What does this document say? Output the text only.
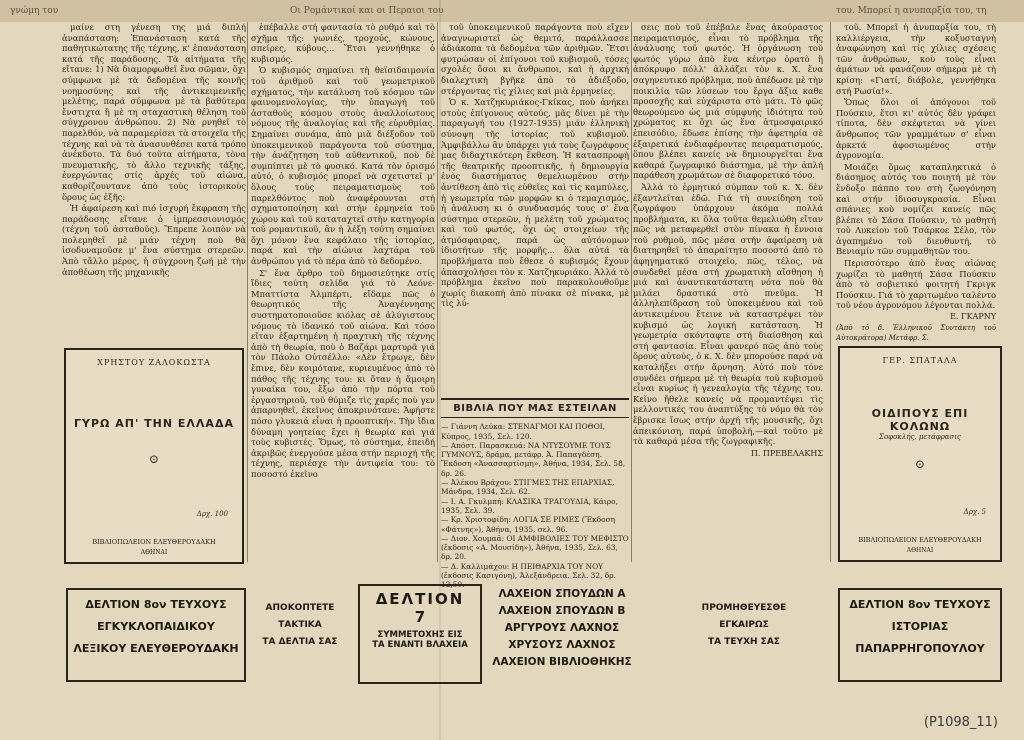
γνώμη του	Οι Ρομάντικοί και οι Περαιοι του	του. Μπορεί η ανυπαρξία του, τη

μαίνε στη γένεση της μιά διπλή ἀναπάσταση: Ἐπανάσταση κατά τῆς παθητικώτατης τῆς τέχνης, κ' ἐπανάσταση κατά τῆς παράδοσης. Τὰ αἰτήματα τῆς εἴτανε: 1) Νὰ διαμορφωθεῖ ἕνα σῶμαν, ὅχι σύμφωνα μὲ τὰ δεδομένα τῆς κοινῆς νοημοσύνης καὶ τῆς ἀντικειμενικῆς μελέτης, παρά σύμφωνα μὲ τὰ βαθύτερα ἔνστιχτα ἢ μὲ τη σταχαστικὴ θέληση τοῦ σύγχρονου ἀνθρώπου. 2) Νὰ ρνηθεῖ τὸ παρελθόν, νὰ παραμερίσει τὰ στοιχεῖα τῆς τέχνης καὶ νὰ τὰ ἀνασυνθέσει κατά τρόπο ἀνέκδοτο. Τὰ δυό τοῦτα αἰτήματα, τὸνα πνευματικῆς, τὸ ἄλλο τεχνικῆς τάξης, ἐνεργώντας στίς ἀρχές τοῦ αἰώνα, καθορίζουντανε ἀπὸ τοὺς ἱστορικοὺς ὅρους ὡς ἐξῆς:

Ἡ ἀφαίρεση καὶ πιό ἰσχυρή ἔκφραση τῆς παράδοσης εἴτανε ὁ ἰμπρεσσιονισμός (τέχνη τοῦ ἀσταθοῦς). Ἔπρεπε λοιπὸν νὰ πολεμηθεῖ μὲ μιάν τέχνη ποὺ θὰ ἰσοδυναμοῦσε μ' ἕνα σύστημα στερεῶν. Ἀπὸ τἄλλο μέρος, ἡ σύγχρονη ζωή μὲ τὴν ἀποθέωση τῆς μηχανικῆς

ΧΡΗΣΤΟΥ ΖΑΛΟΚΩΣΤΑ
ΓΥΡΩ ΑΠ' ΤΗΝ ΕΛΛΑΔΑ
⊙
Δρχ. 100
ΒΙΒΛΙΟΠΩΛΕΙΟΝ ΕΛΕΥΘΕΡΟΥΔΑΚΗ
ΑΘΗΝΑΙ

ἐπέβαλλε στή φαντασία τὸ ρυθμό καὶ τὸ σχῆμα τῆς: γωνιές, τροχούς, κώνους, σπείρες, κύβους... Ἔτσι γεννήθηκε ὁ κυβισμός.

Ὁ κυβισμός σημαίνει τὴ θεϊσιδαιμονία τοῦ ἀριθμοῦ καὶ τοῦ γεωμετρικοῦ σχήματος, τὴν κατάλυση τοῦ κόσμου τῶν φαινομενολογίας, τὴν ὑπαγωγή τοῦ ἀσταθοῦς κόσμου στοὺς ἀναλλοίωτους νόμους τῆς ἀναλογίας καὶ τῆς εὐρυθμίας. Σημαίνει συνάμα, ἀπὸ μιὰ διέξοδον τοῦ ὑποκειμενικοῦ παράγοντα τοῦ σύστημα, τὴν ἀνάζητηση τοῦ αὐθεντικοῦ, ποὺ δὲ συμπίπτει μὲ τὸ φυσικό. Κατά τὸν ὁρισμό αὐτό, ὁ κυβισμός μπορεῖ νὰ σχετιστεῖ μ' ὅλους τοὺς πειραματισμοὺς τοῦ παρελθόντος ποὺ ἀναφέρουνται στή σχηματοποίηση καὶ στήν ἐρμηνεία τοῦ χώρου καὶ τοῦ καταταχτεῖ στὴν κατηγορία τοῦ ρομαντικοῦ, ἂν ἡ λέξη τούτη σημαίνει ὄχι μόνον ἕνα κεφάλαιο τῆς ἱστορίας, παρά καὶ τὴν αἰώνια λαχτάρα τοῦ ἀνθρώπου γιά τὸ πέρα ἀπὸ τὸ δεδομένο.

Σ' ἕνα ἄρθρο τοῦ δημοσιεύτηκε στίς ἴδιες τούτη σελίδα γιά τὸ Λεόνε-Μπαττίστα Ἀλμπέρτι, εἴδαμε πῶς ὁ θεωρητικός τῆς Ἀναγέννησης συστηματοποιοῦσε κιόλας σὲ ἀλύγιστους νόμους τὸ ἰδανικό τοῦ αἰώνα. Καὶ τόσο εἴταν ἐξαρτημένη ἡ πραχτικὴ τῆς τέχνης ἀπὸ τὴ θεωρία, ποὺ ὁ Βαζάρι μαρτυρᾶ γιά τὸν Πάολο Οὐτσέλλο: «Δὲν ἔτρωγε, δὲν ἔπινε, δὲν κοιμότανε, κυριευμένος ἀπὸ τὸ πάθος τῆς τέχνης του: κι ὅταν ἡ ἄμοιρη γυναίκα του, ἔξω ἀπὸ τὴν πόρτα τοῦ ἐργαστηριοῦ, τοῦ θύμιζε τὶς χαρές ποὺ γεν ἀπαρνηθεῖ, ἐκεῖνος ἀποκρινότανε: Ἀφήστε πόσο γλυκειά εἶναι ἡ προοπτική». Τὴν ἴδια δύναμη γοητείας ἔχει ἡ θεωρία καὶ γιά τοὺς κυβιστές. Ὅμως, τὸ σύστημα, ἐπειδή ἀκριβῶς ἐνεργούσε μέσα στήν περιοχή τῆς τέχνης, περιέσχε τὴν ἀντιφεία του: τὸ ποσοστό ἐκεῖνο

τοῦ ὑποκειμενικοῦ παράγοντα ποὺ εἴχεν ἀναγνωριστεῖ ὡς θεμιτό, παράλλασσε ἀδιάκοπα τὰ δεδομένα τῶν ἀριθμῶν. Ἔτσι φυτρώσαν οἱ ἐπίγονοι τοῦ κυβισμοῦ, τόσες σχολές ὅσοι κι ἄνθρωποι, καὶ ἡ ἀρχική διαλεχτικὴ βγῆκε ἀπὸ τὸ ἀδιέξοδο, στέργοντας τὶς χίλιες καὶ μιὰ ἑρμηνείες.

Ὁ κ. Χατζηκυριάκος-Γκίκας, ποὺ ἀνήκει στοὺς ἐπίγονους αὐτούς, μᾶς δίνει μὲ τὴν παραγωγή του (1927-1935) μιάν ἐλληνικὴ σύνοψη τῆς ἱστορίας τοῦ κυβισμοῦ. Ἀμφιβάλλω ἂν ὑπάρχει γιά τοὺς ζωγράφους μας διδαχτικότερη ἔκθεση. Ἡ κατασπροφὴ τῆς θεατρικῆς προοπτικῆς, ἡ δημιουργία ἑνὸς διαστήματος θεμελιωμένου στήν ἀντίθεση ἀπὸ τὶς εὐθεῖες καὶ τὶς καμπύλες, ἡ γεωμετρία τῶν μορφῶν κι ὁ τεμαχισμός, ἡ ἀνάλυση κι ὁ συνδυασμός τους σ' ἕνα σύστημα στερεῶν, ἡ μελέτη τοῦ χρώματος καὶ τοῦ φωτός, ὅχι ὡς στοιχείων τῆς ἀτμόσφαιρας, παρά ὡς αὐτόνομων ἰδιοτήτων τῆς μορφῆς... ὅλα αὐτά τὰ προβλήματα ποὺ ἔθεσε ὁ κυβισμός ἔχουν ἀπασχολήσει τὸν κ. Χατζηκυριάκο. Ἀλλά τὸ πρόβλημα ἐκεῖνο ποὺ παρακολουθοῦμε χωρίς διακοπή ἀπὸ πίνακα σὲ πίνακα, μὲ τὶς λύ-

ΒΙΒΛΙΑ ΠΟΥ ΜΑΣ ΕΣΤΕΙΛΑΝ

— Γιάννη Λεύκα: ΣΤΕΝΑΓΜΟΙ ΚΑΙ ΠΟΘΟΙ, Κύπρος, 1935, Σελ. 120.

— Απόστ. Παρασκευά: ΝΑ ΝΤΥΣΟΥΜΕ ΤΟΥΣ ΓΥΜΝΟΥΣ, δράμα, μετάφρ. Ἀ. Παπαγδέση. Ἔκδοση «Ἀνασσαρτίσμη», Ἀθήνα, 1934, Σελ. 58, δρ. 26.

— Ἀλέκου Βράχου: ΣΤΙΓΜΕΣ ΤΗΣ ΕΠΑΡΧΙΑΣ, Μάνδρα, 1934, Σελ. 62.

— Ι. Α. Γκυλμπή: ΚΛΑΣΙΚΑ ΤΡΑΓΟΥΔΙΑ, Κάιρο, 1935, Σελ. 39.

— Κρ. Χριστοφίδη: ΛΟΓΙΑ ΣΕ ΡΙΜΕΣ (Ἔκδοση «Φάτνης»), Ἀθήνα, 1935, σελ. 96.

— Διον. Χουμαᾶ: ΟΙ ΑΜΦΙΒΟΛΙΕΣ ΤΟΥ ΜΕΦΙΣΤΟ (ἔκδοσις «Α. Μουσίδη»), Ἀθήνα, 1935, Σελ. 63, δρ. 20.

— Δ. Καλλιμάχου: Η ΠΕΙΘΑΡΧΙΑ ΤΟΥ ΝΟΥ (ἔκδοσις Κασιγόνη), Ἀλεξάνδρεια. Σελ. 32, δρ. 12,50.

σεις ποὺ τοῦ ἐπέβαλε ἕνας ἀκούραστος πειραματισμός, εἶναι τὸ πρόβλημα τῆς ἀνάλυσης τοῦ φωτός. Ἡ ὀργάνωση τοῦ φωτός γύρω ἀπὸ ἕνα κέντρο ὁρατὸ ἢ ἀπόκρυφο πόλλ' ἀλλάζει τὸν κ. Χ. ἕνα σαγηνευτικό πρόβλημα, ποὺ ἀπέδωσε μὲ τὴν ποικιλία τῶν λύσεων του ἔργα ἄξια καθε προσοχῆς καὶ εὐχάριστα στὸ μάτι. Τὸ φῶς θεωρούμενο ὡς μιά σύμφυής ἰδιότητα τοῦ χρώματος κι ὅχι ὡς ἕνα ἀτμοσφαιρικό ἐπεισόδιο, ἔδωσε ἐπίσης τὴν ἀφετηρία σὲ ἐξαιρετικά ἐνδιαφέροντες πειραματισμούς, ὅπου βλέπει κανείς νὰ δημιουργεῖται ἕνα καθαρά ζωγραφικό διάστημα, μὲ τὴν ἁπλή παράθεση χρωμάτων σὲ διαφορετικό τόνο.

Ἀλλά τὸ ἐρμητικό σύμπαν τοῦ κ. Χ. δὲν ἐξαντλεῖται ἐδῶ. Γιά τὴ συνείδηση τοῦ ζωγράφου ὑπάρχουν ἀκόμα πολλά προβλήματα, κι ὅλα τοῦτα θεμελιώθη εἴταν πῶς νὰ μεταφερθεῖ στὸν πίνακα ἡ ἔννοια τοῦ ρυθμοῦ, πῶς μέσα στήν ἀφαίρεση νὰ διατηρηθεῖ τὸ ἀπαραίτητο ποσοστό ἀπὸ τὸ ἀφηγηματικό στοιχεῖο, πῶς, τέλος, νὰ συνδεθεῖ μέσα στή χρωματικὴ αἴσθηση ἡ μιά καὶ ἀναντικατάστατη νότα ποὺ θὰ μιλάει δραστικά στὸ πνεῦμα. Ἡ ἀλληλεπίδραση τοῦ ὑποκειμένου καὶ τοῦ ἀντικειμένου ἔτεινε νὰ καταστρέψει τὸν κυβισμό ὡς λογική κατάσταση. Ἡ γεωμετρία σκόνταφτε στή διαίσθηση καὶ στή φαντασία. Εἶναι φανερό πῶς ἀπὸ τοὺς ὅρους αὐτούς, ὁ κ. Χ. δὲν μπορούσε παρά νὰ καταλήξει στήν ἄρνηση. Αὐτό ποὺ τόνε συνδέει σήμερα μὲ τὴ θεωρία τοῦ κυβισμοῦ εἶναι κυρίως ἡ γενεαλογία τῆς τέχνης του. Κεῖνο ἤθελε κανείς νὰ προμαντέψει τὶς μελλοντικές του ἀναπτύξης τὸ νόμο θὰ τὸν ἔβρισκε ἴσως στήν ἀρχή τῆς μουσικῆς, ὅχι ἀπεικόνιση, παρά ὑποβολή,—καὶ τοῦτο μὲ τὰ καθαρά μέσα τῆς ζωγραφικῆς.

Π. ΠΡΕΒΕΛΑΚΗΣ

τοῦ. Μπορεῖ ἡ ἀνυπαρξία του, τὴ καλλιέργεια, τὴν κοξυσταγνὴ ἀναφώνηση καὶ τίς χίλιες σχέσεις τῶν ἀνθρώπων, κοὺ τοὺς εἶναι ἀμάτων νὰ φανάζουν σήμερα μὲ τὴ κρίση: «Γιατί, διάβολε, γεννήθηκα στή Ρωσία!».

Ὅπως ὅλοι οἱ ἀπόγονοι τοῦ Πούσκιν, ἔτσι κι' αὐτός δὲν γράφει τίποτα, δὲν σκέφτεται νὰ γίνει ἄνθρωπος τῶν γραμμάτων σ' εἶναι ἀρκετά ἀφοσιωμένος στήν ἀγρονομία.

Μοιάζει ὅμως καταπληκτικά ὁ διάσημος αὐτός του ποιητή μὲ τὸν ἔνδοξο πάππο του στὴ ζωογόνηση καὶ στήν ἰδιοσυγκρασία. Εἶναι σπάνιες κοὺ νομίζει κανείς πῶς βλέπει τὸ Σάσα Πούσκιν, τὸ μαθητή τοῦ Λυκείου τοῦ Τσάρκοε Σέλο, τὸν ἀγαπημένο τοῦ διευθυντή, τὸ Βενιαμίν τῶν συμμαθητῶν του.

Περισσότερο ἀπὸ ἕνας αἰώνας χωρίζει τὸ μαθητή Σάσα Πούσκιν ἀπὸ τὸ σοβιετικό φοιτητή Γκριγκ Πούσκιν. Γιά τὸ χαριτωμένο ταλέντο τοῦ νέου ἀγρονόμου λέγονται πολλά.

Ε. ΓΚΑΡΝΥ
(Ἀπὸ τὸ δ. Ἑλληνικοῦ Συντάκτη τοῦ Αὐτοκράτορα) Μετάφρ. Σ.
ΓΕΡ. ΣΠΑΤΑΛΑ
ΟΙΔΙΠΟΥΣ ΕΠΙ ΚΟΛΩΝΩ
Σοφοκλής, μετάφρασις
⊙
Δρχ. 5
ΒΙΒΛΙΟΠΩΛΕΙΟΝ ΕΛΕΥΘΕΡΟΥΔΑΚΗ
ΑΘΗΝΑΙ
ΔΕΛΤΙΟΝ 8ον ΤΕΥΧΟΥΣ
ΕΓΚΥΚΛΟΠΑΙΔΙΚΟΥ
ΛΕΞΙΚΟΥ ΕΛΕΥΘΕΡΟΥΔΑΚΗ
ΑΠΟΚΟΠΤΕΤΕ
ΤΑΚΤΙΚΑ
ΤΑ ΔΕΛΤΙΑ ΣΑΣ
ΔΕΛΤΙΟΝ
7
ΣΥΜΜΕΤΟΧΗΣ ΕΙΣ
ΤΑ ΕΝΑΝΤΙ ΒΛΑΧΕΙΑ
ΛΑΧΕΙΟΝ ΣΠΟΥΔΩΝ Α
ΛΑΧΕΙΟΝ ΣΠΟΥΔΩΝ Β
ΑΡΓΥΡΟΥΣ ΛΑΧΝΟΣ
ΧΡΥΣΟΥΣ ΛΑΧΝΟΣ
ΛΑΧΕΙΟΝ ΒΙΒΛΙΟΘΗΚΗΣ
ΠΡΟΜΗΘΕΥΕΣΘΕ
ΕΓΚΑΙΡΩΣ
ΤΑ ΤΕΥΧΗ ΣΑΣ
ΔΕΛΤΙΟΝ 8ον ΤΕΥΧΟΥΣ
ΙΣΤΟΡΙΑΣ
ΠΑΠΑΡΡΗΓΟΠΟΥΛΟΥ
(Ρ1098_11)
